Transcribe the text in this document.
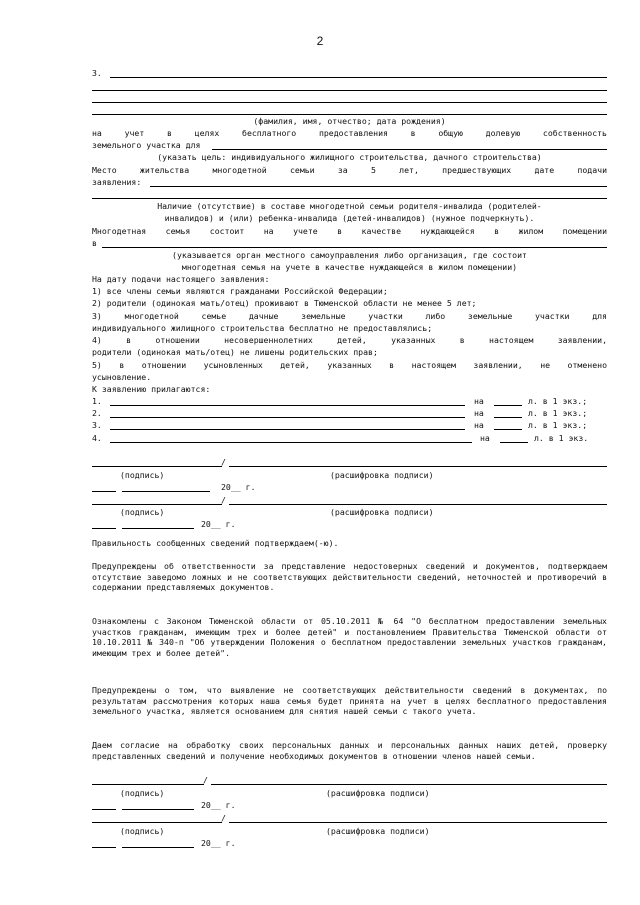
2
3.
(фамилия, имя, отчество; дата рождения)
на учет в целях бесплатного предоставления в общую долевую собственность
земельного участка для
(указать цель: индивидуального жилищного строительства, дачного строительства)
Место жительства многодетной семьи за 5 лет, предшествующих дате подачи
заявления:
Наличие (отсутствие) в составе многодетной семьи родителя-инвалида (родителей-
инвалидов) и (или) ребенка-инвалида (детей-инвалидов) (нужное подчеркнуть).
Многодетная семья состоит на учете в качестве нуждающейся в жилом помещении
в
(указывается орган местного самоуправления либо организация, где состоит
многодетная семья на учете в качестве нуждающейся в жилом помещении)
На дату подачи настоящего заявления:
1) все члены семьи являются гражданами Российской Федерации;
2) родители (одинокая мать/отец) проживают в Тюменской области не менее 5 лет;
3) многодетной семье дачные земельные участки либо земельные участки для
индивидуального жилищного строительства бесплатно не предоставлялись;
4) в отношении несовершеннолетних детей, указанных в настоящем заявлении,
родители (одинокая мать/отец) не лишены родительских прав;
5) в отношении усыновленных детей, указанных в настоящем заявлении, не отменено
усыновление.
К заявлению прилагаются:
1.	на	л. в 1 экз.;
2.	на	л. в 1 экз.;
3.	на	л. в 1 экз.;
4.	на	л. в 1 экз.
/
(подпись)	(расшифровка подписи)
20__ г.
/
(подпись)	(расшифровка подписи)
20__ г.
Правильность сообщенных сведений подтверждаем(-ю).
Предупреждены об ответственности за представление недостоверных сведений и документов, подтверждаем отсутствие заведомо ложных и не соответствующих действительности сведений, неточностей и противоречий в содержании представляемых документов.
Ознакомлены с Законом Тюменской области от 05.10.2011 № 64 "О бесплатном предоставлении земельных участков гражданам, имеющим трех и более детей" и постановлением Правительства Тюменской области от 10.10.2011 № 340-п "Об утверждении Положения о бесплатном предоставлении земельных участков гражданам, имеющим трех и более детей".
Предупреждены о том, что выявление не соответствующих действительности сведений в документах, по результатам рассмотрения которых наша семья будет принята на учет в целях бесплатного предоставления земельного участка, является основанием для снятия нашей семьи с такого учета.
Даем согласие на обработку своих персональных данных и персональных данных наших детей, проверку представленных сведений и получение необходимых документов в отношении членов нашей семьи.
/
(подпись)	(расшифровка подписи)
20__ г.
/
(подпись)	(расшифровка подписи)
20__ г.
